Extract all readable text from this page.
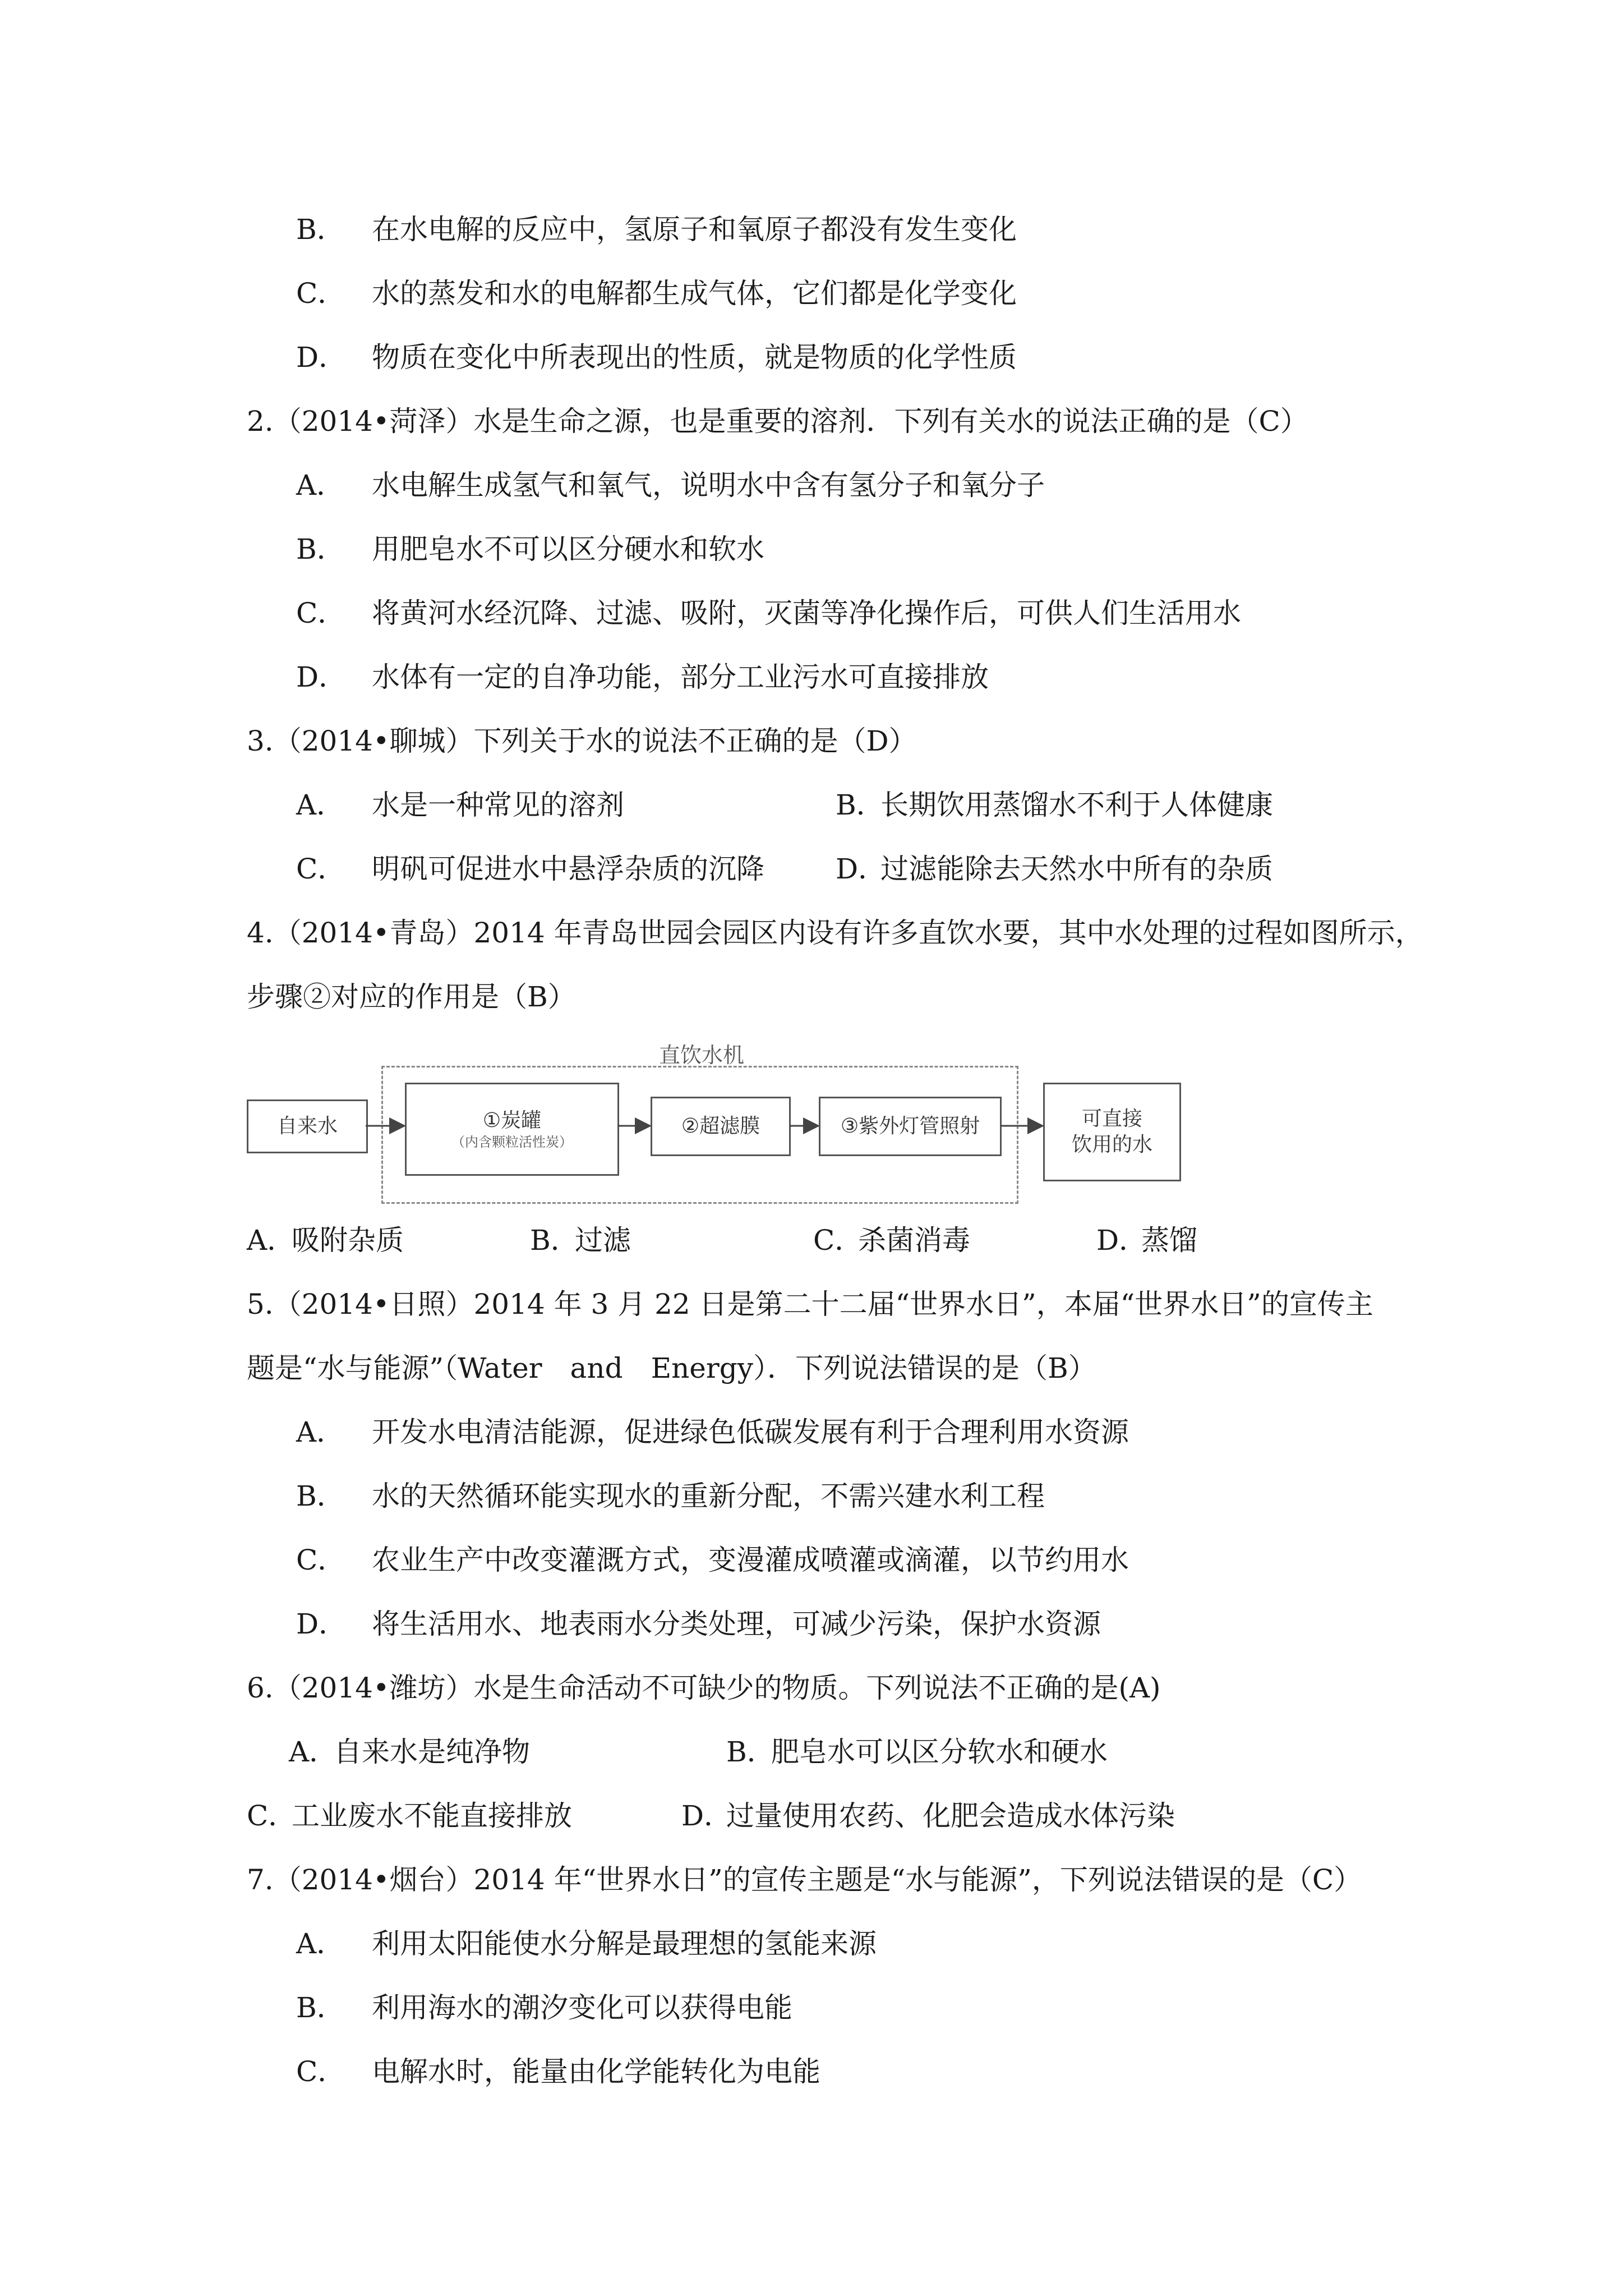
B． 在水电解的反应中，氢原子和氧原子都没有发生变化
C． 水的蒸发和水的电解都生成气体，它们都是化学变化
D． 物质在变化中所表现出的性质，就是物质的化学性质
2.（2014•菏泽）水是生命之源，也是重要的溶剂．下列有关水的说法正确的是（C）
A． 水电解生成氢气和氧气，说明水中含有氢分子和氧分子
B． 用肥皂水不可以区分硬水和软水
C． 将黄河水经沉降、过滤、吸附，灭菌等净化操作后，可供人们生活用水
D． 水体有一定的自净功能，部分工业污水可直接排放
3.（2014•聊城）下列关于水的说法不正确的是（D）
A． 水是一种常见的溶剂	B．长期饮用蒸馏水不利于人体健康
C． 明矾可促进水中悬浮杂质的沉降	D．过滤能除去天然水中所有的杂质
4.（2014•青岛）2014 年青岛世园会园区内设有许多直饮水要，其中水处理的过程如图所示，
步骤②对应的作用是（B）
直饮水机
自来水	①炭罐
（内含颗粒活性炭）
②超滤膜	③紫外灯管照射	可直接
饮用的水
A．吸附杂质	B．过滤	C．杀菌消毒	D．蒸馏
5.（2014•日照）2014 年 3 月 22 日是第二十二届“世界水日”，本届“世界水日”的宣传主
题是“水与能源”（Water　and　Energy）．下列说法错误的是（B）
A． 开发水电清洁能源，促进绿色低碳发展有利于合理利用水资源
B． 水的天然循环能实现水的重新分配，不需兴建水利工程
C． 农业生产中改变灌溉方式，变漫灌成喷灌或滴灌，以节约用水
D． 将生活用水、地表雨水分类处理，可减少污染，保护水资源
6.（2014•潍坊）水是生命活动不可缺少的物质。下列说法不正确的是(A)
A．自来水是纯净物	B．肥皂水可以区分软水和硬水
C．工业废水不能直接排放	D．过量使用农药、化肥会造成水体污染
7.（2014•烟台）2014 年“世界水日”的宣传主题是“水与能源”，下列说法错误的是（C）
A． 利用太阳能使水分解是最理想的氢能来源
B． 利用海水的潮汐变化可以获得电能
C． 电解水时，能量由化学能转化为电能
